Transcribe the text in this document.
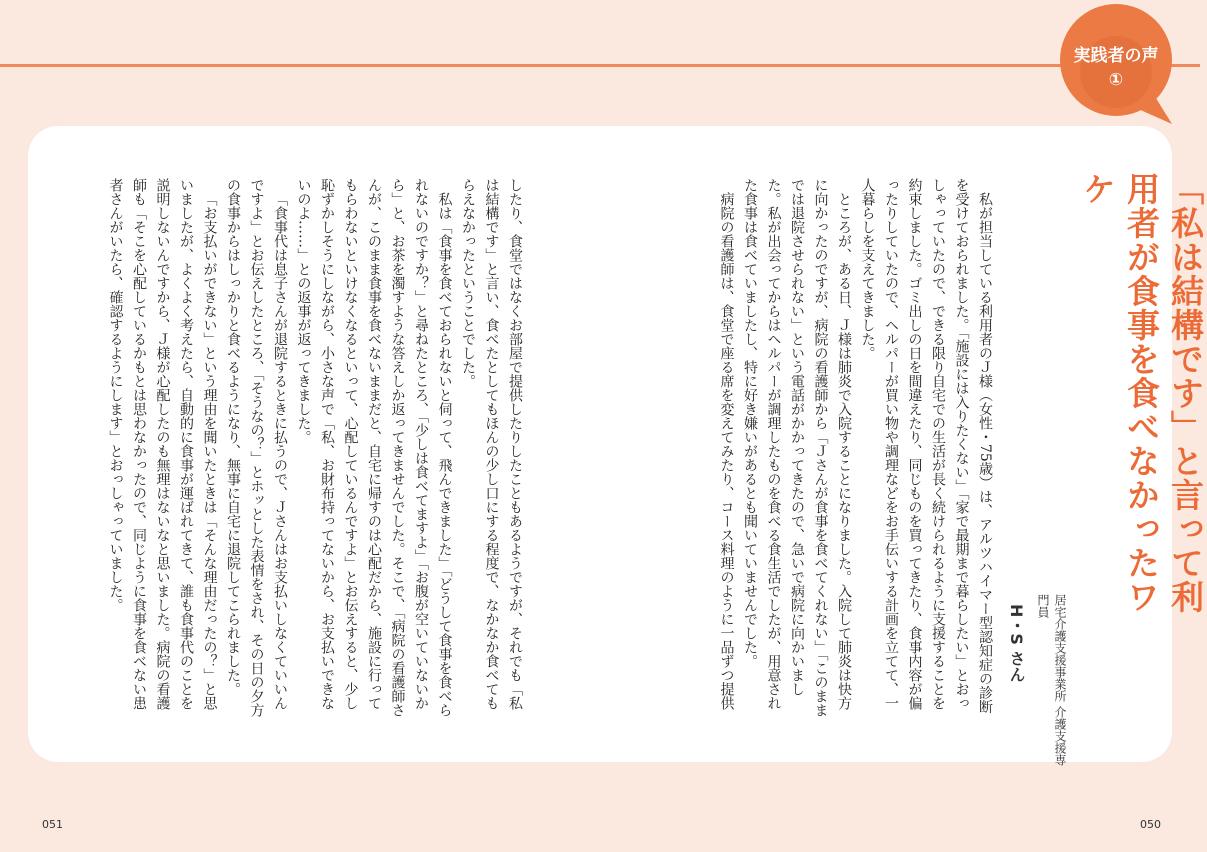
実践者の声
①
「私は結構です」と言って利用者が食事を食べなかったワケ
居宅介護支援事業所 介護支援専門員
H・S さん

私が担当している利用者のＪ様（女性・75歳）は、アルツハイマー型認知症の診断を受けておられました。「施設には入りたくない」「家で最期まで暮らしたい」とおっしゃっていたので、できる限り自宅での生活が長く続けられるように支援することを約束しました。ゴミ出しの日を間違えたり、同じものを買ってきたり、食事内容が偏ったりしていたので、ヘルパーが買い物や調理などをお手伝いする計画を立てて、一人暮らしを支えてきました。

ところが、ある日、Ｊ様は肺炎で入院することになりました。入院して肺炎は快方に向かったのですが、病院の看護師から「Ｊさんが食事を食べてくれない」「このままでは退院させられない」という電話がかかってきたので、急いで病院に向かいました。私が出会ってからはヘルパーが調理したものを食べる食生活でしたが、用意された食事は食べていましたし、特に好き嫌いがあるとも聞いていませんでした。

病院の看護師は、食堂で座る席を変えてみたり、コース料理のように一品ずつ提供

したり、食堂ではなくお部屋で提供したりしたこともあるようですが、それでも「私は結構です」と言い、食べたとしてもほんの少し口にする程度で、なかなか食べてもらえなかったということでした。

私は「食事を食べておられないと伺って、飛んできました」「どうして食事を食べられないのですか？」と尋ねたところ、「少しは食べてますよ」「お腹が空いていないから」と、お茶を濁すような答えしか返ってきませんでした。そこで、「病院の看護師さんが、このまま食事を食べないままだと、自宅に帰すのは心配だから、施設に行ってもらわないといけなくなるといって、心配しているんですよ」とお伝えすると、少し恥ずかしそうにしながら、小さな声で「私、お財布持ってないから、お支払いできないのよ……」との返事が返ってきました。

「食事代は息子さんが退院するときに払うので、Ｊさんはお支払いしなくていいんですよ」とお伝えしたところ、「そうなの？」とホッとした表情をされ、その日の夕方の食事からはしっかりと食べるようになり、無事に自宅に退院してこられました。

「お支払いができない」という理由を聞いたときは「そんな理由だったの？」と思いましたが、よくよく考えたら、自動的に食事が運ばれてきて、誰も食事代のことを説明しないんですから、Ｊ様が心配したのも無理はないなと思いました。病院の看護師も「そこを心配しているかもとは思わなかったので、同じように食事を食べない患者さんがいたら、確認するようにします」とおっしゃっていました。

051	050
